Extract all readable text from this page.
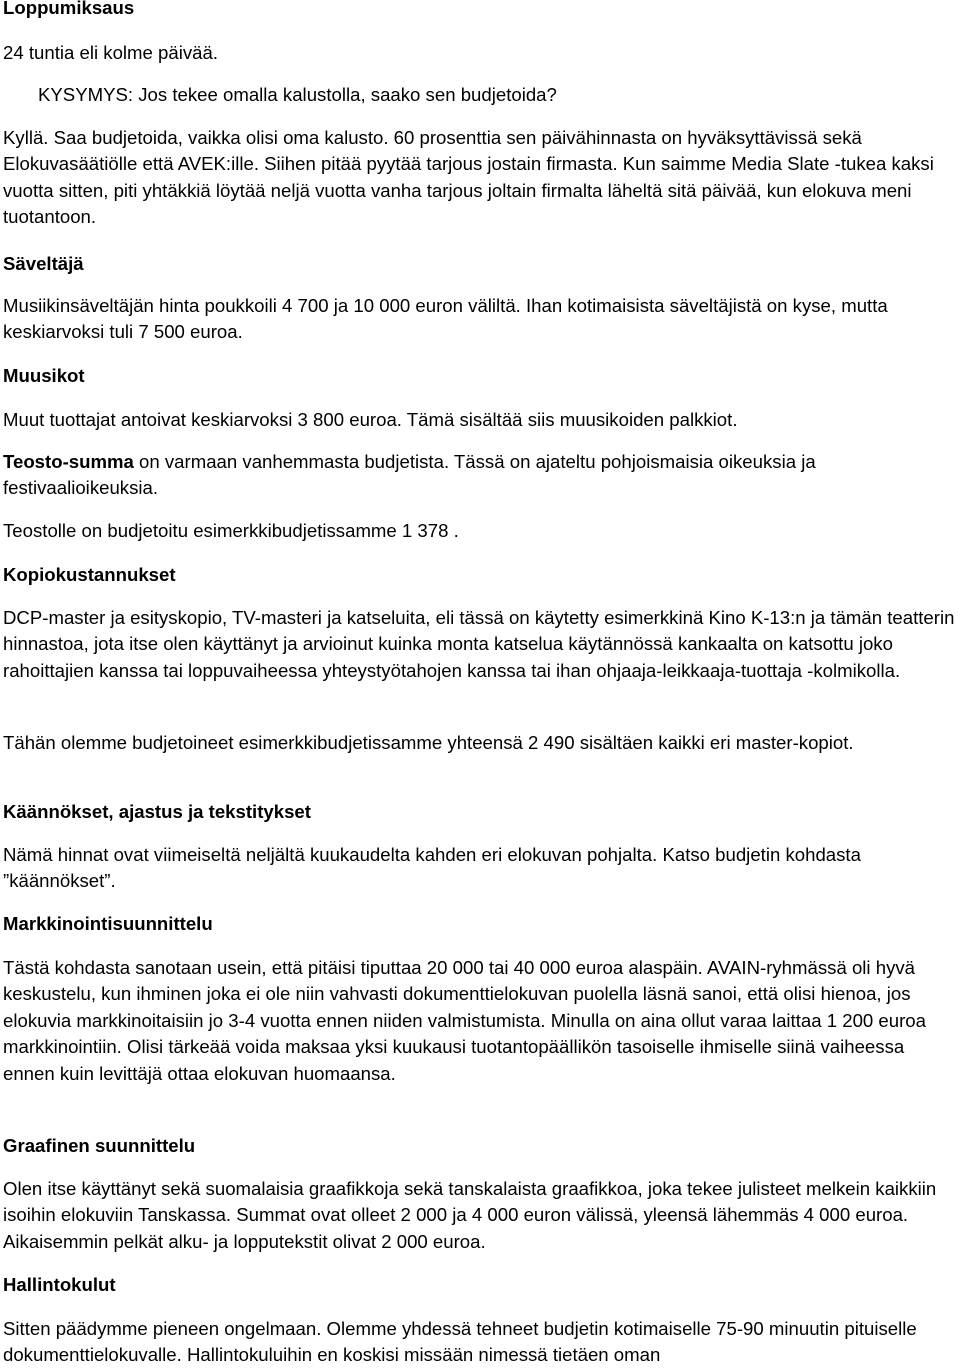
Loppumiksaus

24 tuntia eli kolme päivää.

KYSYMYS: Jos tekee omalla kalustolla, saako sen budjetoida?

Kyllä. Saa budjetoida, vaikka olisi oma kalusto. 60 prosenttia sen päivähinnasta on hyväksyttävissä sekä Elokuvasäätiölle että AVEK:ille. Siihen pitää pyytää tarjous jostain firmasta. Kun saimme Media Slate -tukea kaksi vuotta sitten, piti yhtäkkiä löytää neljä vuotta vanha tarjous joltain firmalta läheltä sitä päivää, kun elokuva meni tuotantoon.

Säveltäjä

Musiikinsäveltäjän hinta poukkoili 4 700 ja 10 000 euron väliltä. Ihan kotimaisista säveltäjistä on kyse, mutta keskiarvoksi tuli 7 500 euroa.

Muusikot

Muut tuottajat antoivat keskiarvoksi 3 800 euroa. Tämä sisältää siis muusikoiden palkkiot.

Teosto-summa on varmaan vanhemmasta budjetista. Tässä on ajateltu pohjoismaisia oikeuksia ja festivaalioikeuksia.

Teostolle on budjetoitu esimerkkibudjetissamme 1 378 .

Kopiokustannukset

DCP-master ja esityskopio, TV-masteri ja katseluita, eli tässä on käytetty esimerkkinä Kino K-13:n ja tämän teatterin hinnastoa, jota itse olen käyttänyt ja arvioinut kuinka monta katselua käytännössä kankaalta on katsottu joko rahoittajien kanssa tai loppuvaiheessa yhteystyötahojen kanssa tai ihan ohjaaja-leikkaaja-tuottaja -kolmikolla.

Tähän olemme budjetoineet esimerkkibudjetissamme yhteensä 2 490 sisältäen kaikki eri master-kopiot.

Käännökset, ajastus ja tekstitykset

Nämä hinnat ovat viimeiseltä neljältä kuukaudelta kahden eri elokuvan pohjalta. Katso budjetin kohdasta ”käännökset”.

Markkinointisuunnittelu

Tästä kohdasta sanotaan usein, että pitäisi tiputtaa 20 000 tai 40 000 euroa alaspäin. AVAIN-ryhmässä oli hyvä keskustelu, kun ihminen joka ei ole niin vahvasti dokumenttielokuvan puolella läsnä sanoi, että olisi hienoa, jos elokuvia markkinoitaisiin jo 3-4 vuotta ennen niiden valmistumista. Minulla on aina ollut varaa laittaa 1 200 euroa markkinointiin. Olisi tärkeää voida maksaa yksi kuukausi tuotantopäällikön tasoiselle ihmiselle siinä vaiheessa ennen kuin levittäjä ottaa elokuvan huomaansa.

Graafinen suunnittelu

Olen itse käyttänyt sekä suomalaisia graafikkoja sekä tanskalaista graafikkoa, joka tekee julisteet melkein kaikkiin isoihin elokuviin Tanskassa. Summat ovat olleet 2 000 ja 4 000 euron välissä, yleensä lähemmäs 4 000 euroa. Aikaisemmin pelkät alku- ja lopputekstit olivat 2 000 euroa.

Hallintokulut

Sitten päädymme pieneen ongelmaan. Olemme yhdessä tehneet budjetin kotimaiselle 75-90 minuutin pituiselle dokumenttielokuvalle. Hallintokuluihin en koskisi missään nimessä tietäen oman
